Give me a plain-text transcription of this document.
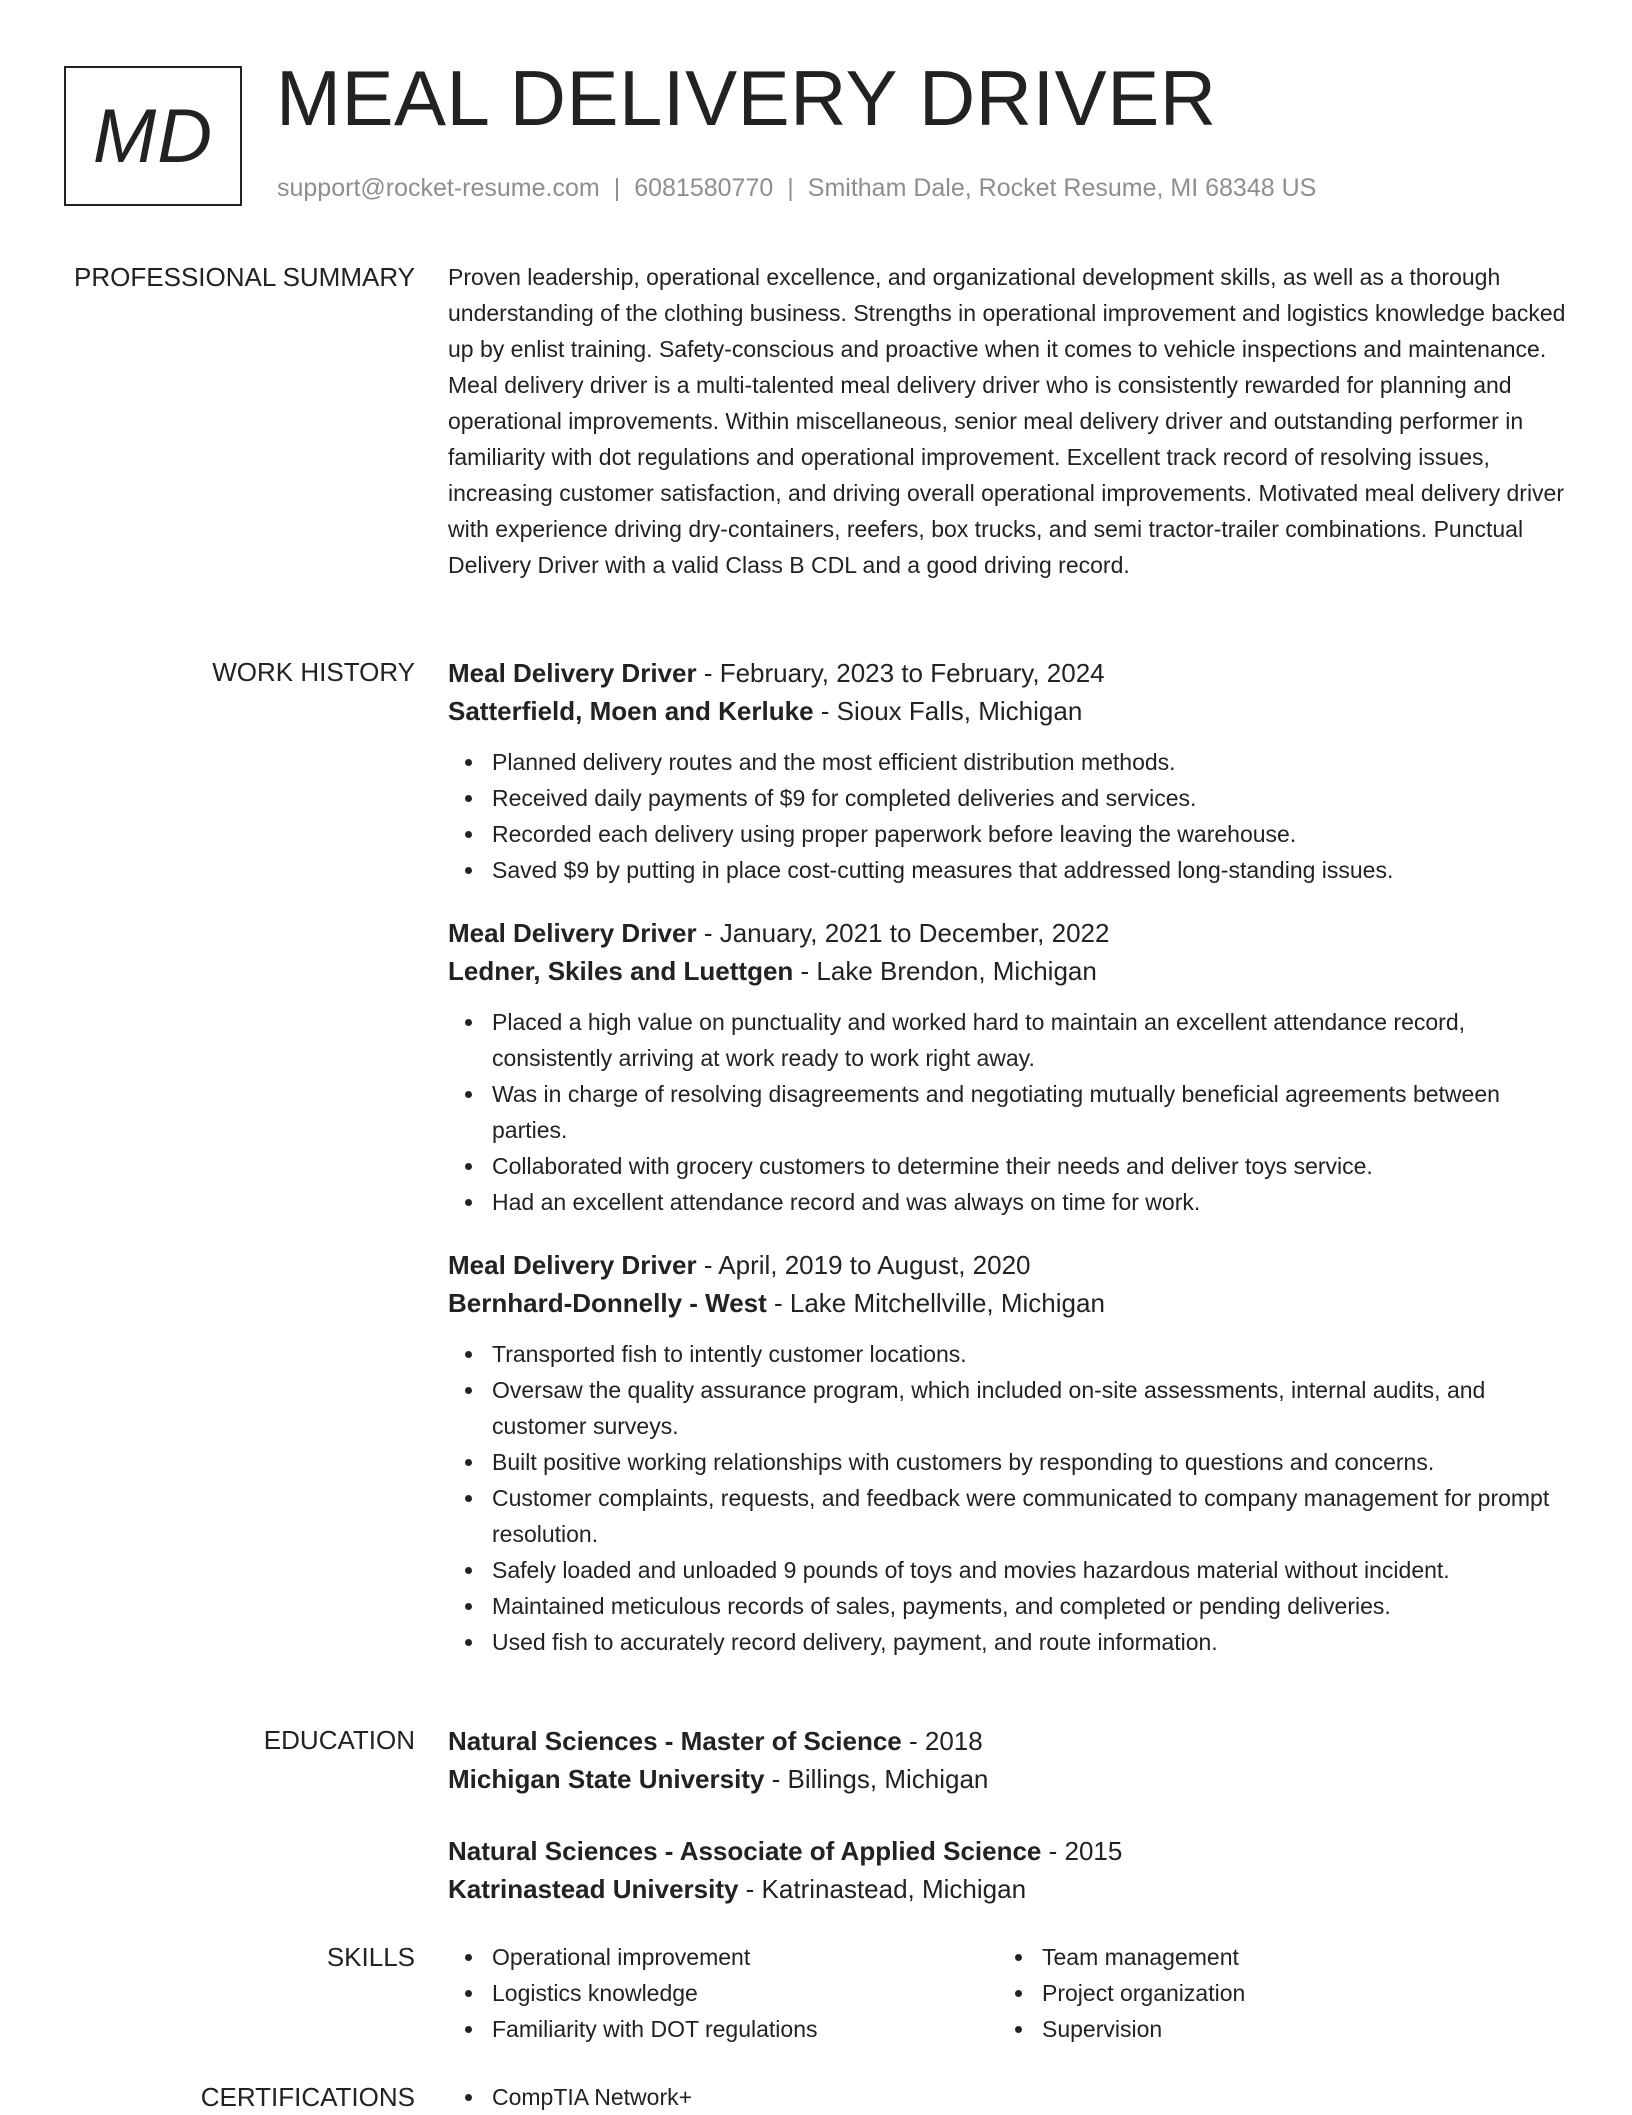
MD MEAL DELIVERY DRIVER
support@rocket-resume.com | 6081580770 | Smitham Dale, Rocket Resume, MI 68348 US
PROFESSIONAL SUMMARY Proven leadership, operational excellence, and organizational development skills, as well as a thorough understanding of the clothing business. Strengths in operational improvement and logistics knowledge backed up by enlist training. Safety-conscious and proactive when it comes to vehicle inspections and maintenance. Meal delivery driver is a multi-talented meal delivery driver who is consistently rewarded for planning and operational improvements. Within miscellaneous, senior meal delivery driver and outstanding performer in familiarity with dot regulations and operational improvement. Excellent track record of resolving issues, increasing customer satisfaction, and driving overall operational improvements. Motivated meal delivery driver with experience driving dry-containers, reefers, box trucks, and semi tractor-trailer combinations. Punctual Delivery Driver with a valid Class B CDL and a good driving record.

WORK HISTORY Meal Delivery Driver - February, 2023 to February, 2024
Satterfield, Moen and Kerluke - Sioux Falls, Michigan
Planned delivery routes and the most efficient distribution methods.
Received daily payments of $9 for completed deliveries and services.
Recorded each delivery using proper paperwork before leaving the warehouse.
Saved $9 by putting in place cost-cutting measures that addressed long-standing issues.
Meal Delivery Driver - January, 2021 to December, 2022
Ledner, Skiles and Luettgen - Lake Brendon, Michigan
Placed a high value on punctuality and worked hard to maintain an excellent attendance record, consistently arriving at work ready to work right away.
Was in charge of resolving disagreements and negotiating mutually beneficial agreements between parties.
Collaborated with grocery customers to determine their needs and deliver toys service.
Had an excellent attendance record and was always on time for work.
Meal Delivery Driver - April, 2019 to August, 2020
Bernhard-Donnelly - West - Lake Mitchellville, Michigan
Transported fish to intently customer locations.
Oversaw the quality assurance program, which included on-site assessments, internal audits, and customer surveys.
Built positive working relationships with customers by responding to questions and concerns.
Customer complaints, requests, and feedback were communicated to company management for prompt resolution.
Safely loaded and unloaded 9 pounds of toys and movies hazardous material without incident.
Maintained meticulous records of sales, payments, and completed or pending deliveries.
Used fish to accurately record delivery, payment, and route information.
EDUCATION Natural Sciences - Master of Science - 2018
Michigan State University - Billings, Michigan
Natural Sciences - Associate of Applied Science - 2015
Katrinastead University - Katrinastead, Michigan
SKILLS	Operational improvement
Logistics knowledge
Familiarity with DOT regulations
Team management
Project organization
Supervision
CERTIFICATIONS	CompTIA Network+
